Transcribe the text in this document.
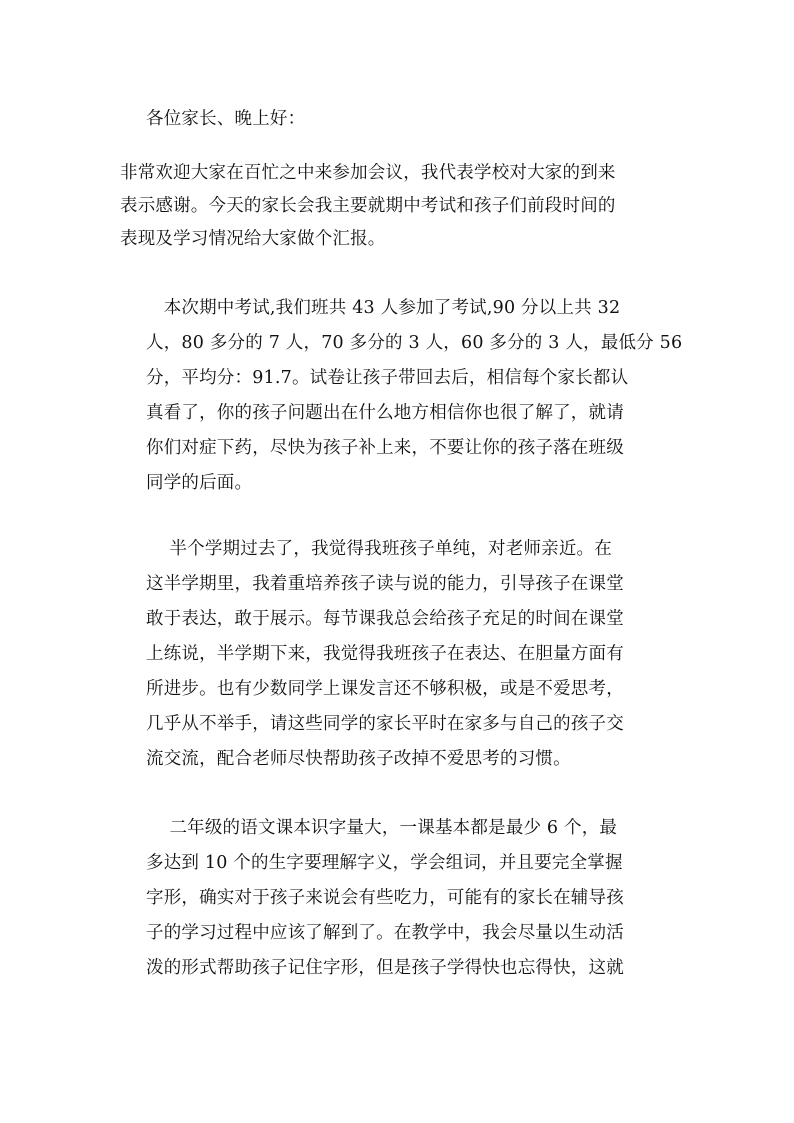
各位家长、晚上好：
非常欢迎大家在百忙之中来参加会议，我代表学校对大家的到来
表示感谢。今天的家长会我主要就期中考试和孩子们前段时间的
表现及学习情况给大家做个汇报。
　本次期中考试,我们班共 43 人参加了考试,90 分以上共 32
人，80 多分的 7 人，70 多分的 3 人，60 多分的 3 人，最低分 56
分，平均分：91.7。试卷让孩子带回去后，相信每个家长都认
真看了，你的孩子问题出在什么地方相信你也很了解了，就请
你们对症下药，尽快为孩子补上来，不要让你的孩子落在班级
同学的后面。
　 半个学期过去了，我觉得我班孩子单纯，对老师亲近。在
这半学期里，我着重培养孩子读与说的能力，引导孩子在课堂
敢于表达，敢于展示。每节课我总会给孩子充足的时间在课堂
上练说，半学期下来，我觉得我班孩子在表达、在胆量方面有
所进步。也有少数同学上课发言还不够积极，或是不爱思考，
几乎从不举手，请这些同学的家长平时在家多与自己的孩子交
流交流，配合老师尽快帮助孩子改掉不爱思考的习惯。
　 二年级的语文课本识字量大，一课基本都是最少 6 个，最
多达到 10 个的生字要理解字义，学会组词，并且要完全掌握
字形，确实对于孩子来说会有些吃力，可能有的家长在辅导孩
子的学习过程中应该了解到了。在教学中，我会尽量以生动活
泼的形式帮助孩子记住字形，但是孩子学得快也忘得快，这就
